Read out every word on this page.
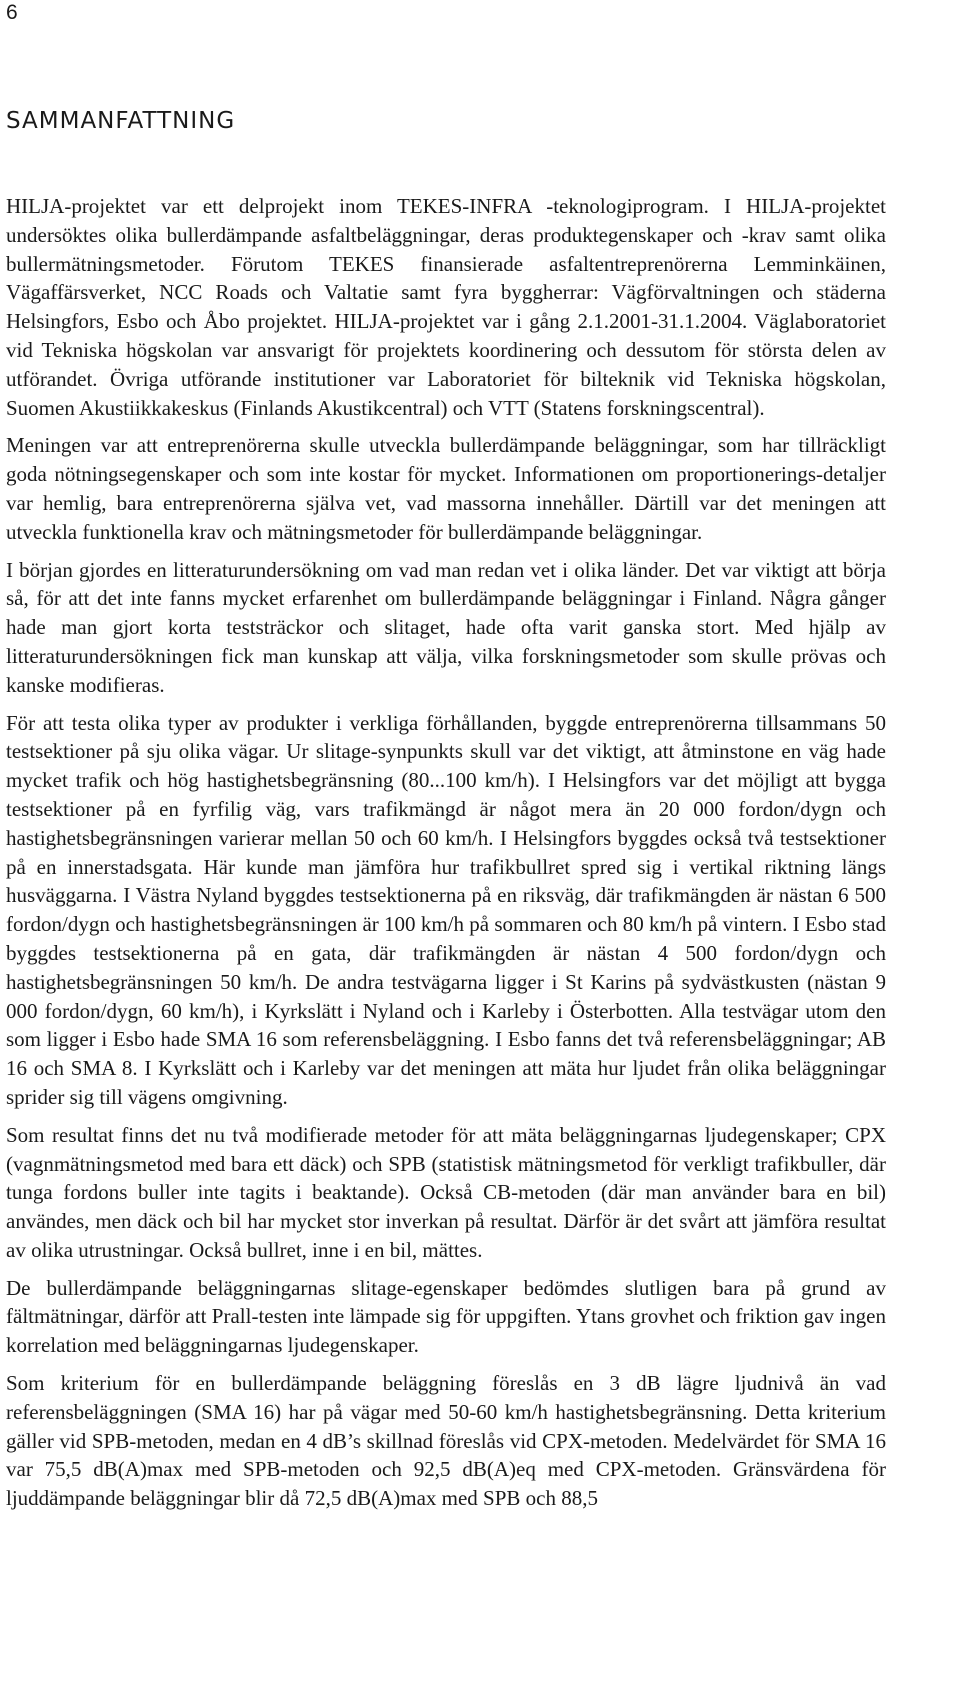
6
SAMMANFATTNING

HILJA-projektet var ett delprojekt inom TEKES-INFRA -teknologiprogram. I HILJA-projektet undersöktes olika bullerdämpande asfaltbeläggningar, deras produktegenskaper och -krav samt olika bullermätningsmetoder. Förutom TEKES finansierade asfaltentreprenörerna Lemminkäinen, Vägaffärsverket, NCC Roads och Valtatie samt fyra byggherrar: Vägförvaltningen och städerna Helsingfors, Esbo och Åbo projektet. HILJA-projektet var i gång 2.1.2001-31.1.2004. Väglaboratoriet vid Tekniska högskolan var ansvarigt för projektets koordinering och dessutom för största delen av utförandet. Övriga utförande institutioner var Laboratoriet för bilteknik vid Tekniska högskolan, Suomen Akustiikkakeskus (Finlands Akustikcentral) och VTT (Statens forskningscentral).

Meningen var att entreprenörerna skulle utveckla bullerdämpande beläggningar, som har tillräckligt goda nötningsegenskaper och som inte kostar för mycket. Informationen om proportionerings-detaljer var hemlig, bara entreprenörerna själva vet, vad massorna innehåller. Därtill var det meningen att utveckla funktionella krav och mätningsmetoder för bullerdämpande beläggningar.

I början gjordes en litteraturundersökning om vad man redan vet i olika länder. Det var viktigt att börja så, för att det inte fanns mycket erfarenhet om bullerdämpande beläggningar i Finland. Några gånger hade man gjort korta teststräckor och slitaget, hade ofta varit ganska stort. Med hjälp av litteraturundersökningen fick man kunskap att välja, vilka forskningsmetoder som skulle prövas och kanske modifieras.

För att testa olika typer av produkter i verkliga förhållanden, byggde entreprenörerna tillsammans 50 testsektioner på sju olika vägar. Ur slitage-synpunkts skull var det viktigt, att åtminstone en väg hade mycket trafik och hög hastighetsbegränsning (80...100 km/h). I Helsingfors var det möjligt att bygga testsektioner på en fyrfilig väg, vars trafikmängd är något mera än 20 000 fordon/dygn och hastighetsbegränsningen varierar mellan 50 och 60 km/h. I Helsingfors byggdes också två testsektioner på en innerstadsgata. Här kunde man jämföra hur trafikbullret spred sig i vertikal riktning längs husväggarna. I Västra Nyland byggdes testsektionerna på en riksväg, där trafikmängden är nästan 6 500 fordon/dygn och hastighetsbegränsningen är 100 km/h på sommaren och 80 km/h på vintern. I Esbo stad byggdes testsektionerna på en gata, där trafikmängden är nästan 4 500 fordon/dygn och hastighetsbegränsningen 50 km/h. De andra testvägarna ligger i St Karins på sydvästkusten (nästan 9 000 fordon/dygn, 60 km/h), i Kyrkslätt i Nyland och i Karleby i Österbotten. Alla testvägar utom den som ligger i Esbo hade SMA 16 som referensbeläggning. I Esbo fanns det två referensbeläggningar; AB 16 och SMA 8. I Kyrkslätt och i Karleby var det meningen att mäta hur ljudet från olika beläggningar sprider sig till vägens omgivning.

Som resultat finns det nu två modifierade metoder för att mäta beläggningarnas ljudegenskaper; CPX (vagnmätningsmetod med bara ett däck) och SPB (statistisk mätningsmetod för verkligt trafikbuller, där tunga fordons buller inte tagits i beaktande). Också CB-metoden (där man använder bara en bil) användes, men däck och bil har mycket stor inverkan på resultat. Därför är det svårt att jämföra resultat av olika utrustningar. Också bullret, inne i en bil, mättes.

De bullerdämpande beläggningarnas slitage-egenskaper bedömdes slutligen bara på grund av fältmätningar, därför att Prall-testen inte lämpade sig för uppgiften. Ytans grovhet och friktion gav ingen korrelation med beläggningarnas ljudegenskaper.

Som kriterium för en bullerdämpande beläggning föreslås en 3 dB lägre ljudnivå än vad referensbeläggningen (SMA 16) har på vägar med 50-60 km/h hastighetsbegränsning. Detta kriterium gäller vid SPB-metoden, medan en 4 dB’s skillnad föreslås vid CPX-metoden. Medelvärdet för SMA 16 var 75,5 dB(A)max med SPB-metoden och 92,5 dB(A)eq med CPX-metoden. Gränsvärdena för ljuddämpande beläggningar blir då 72,5 dB(A)max med SPB och 88,5
